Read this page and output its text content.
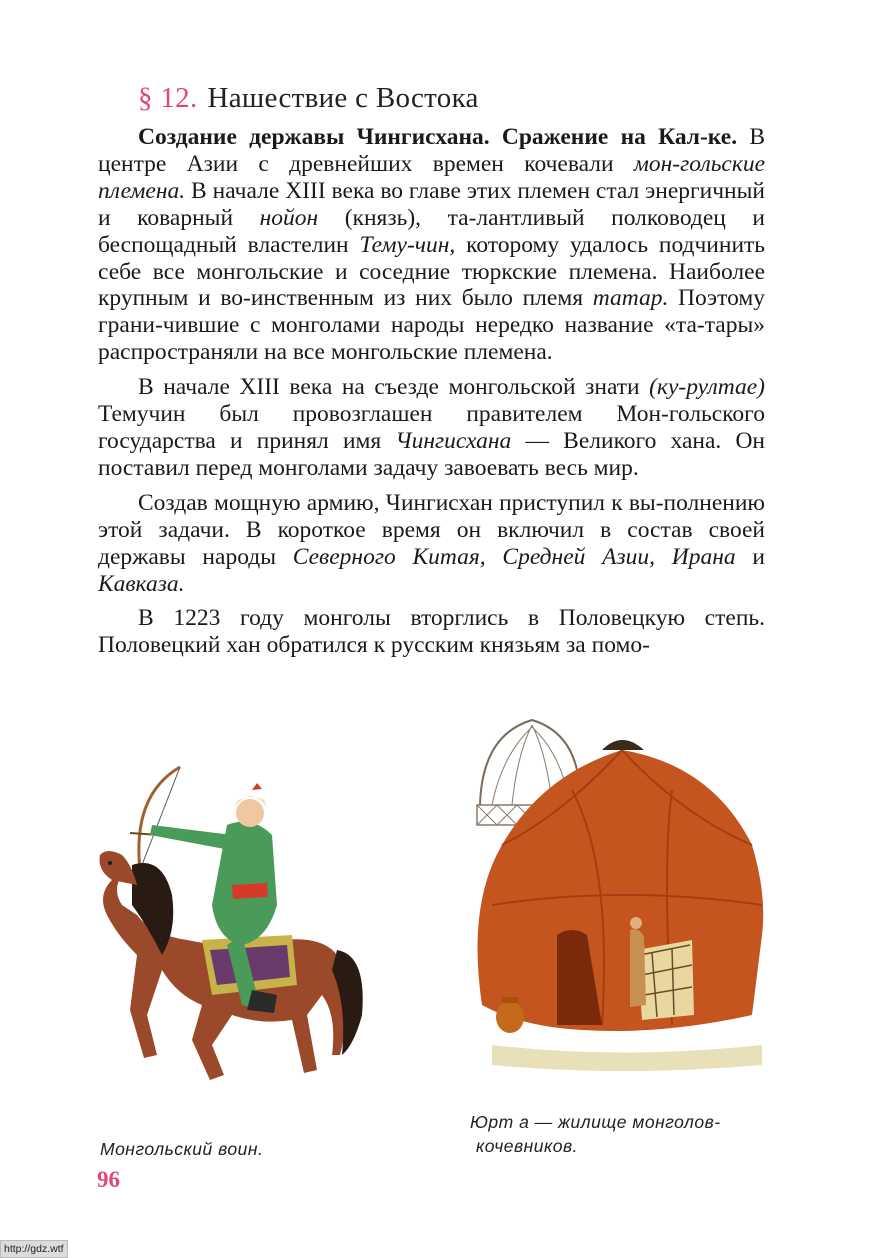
§ 12. Нашествие с Востока

Создание державы Чингисхана. Сражение на Кал-ке. В центре Азии с древнейших времен кочевали мон-гольские племена. В начале XIII века во главе этих племен стал энергичный и коварный нойон (князь), та-лантливый полководец и беспощадный властелин Тему-чин, которому удалось подчинить себе все монгольские и соседние тюркские племена. Наиболее крупным и во-инственным из них было племя татар. Поэтому грани-чившие с монголами народы нередко название «та-тары» распространяли на все монгольские племена.

В начале XIII века на съезде монгольской знати (ку-рултае) Темучин был провозглашен правителем Мон-гольского государства и принял имя Чингисхана — Великого хана. Он поставил перед монголами задачу завоевать весь мир.

Создав мощную армию, Чингисхан приступил к вы-полнению этой задачи. В короткое время он включил в состав своей державы народы Северного Китая, Средней Азии, Ирана и Кавказа.

В 1223 году монголы вторглись в Половецкую степь. Половецкий хан обратился к русским князьям за помо-

Монгольский воин.
Юрт а — жилище монголов-
кочевников.
96
http://gdz.wtf
